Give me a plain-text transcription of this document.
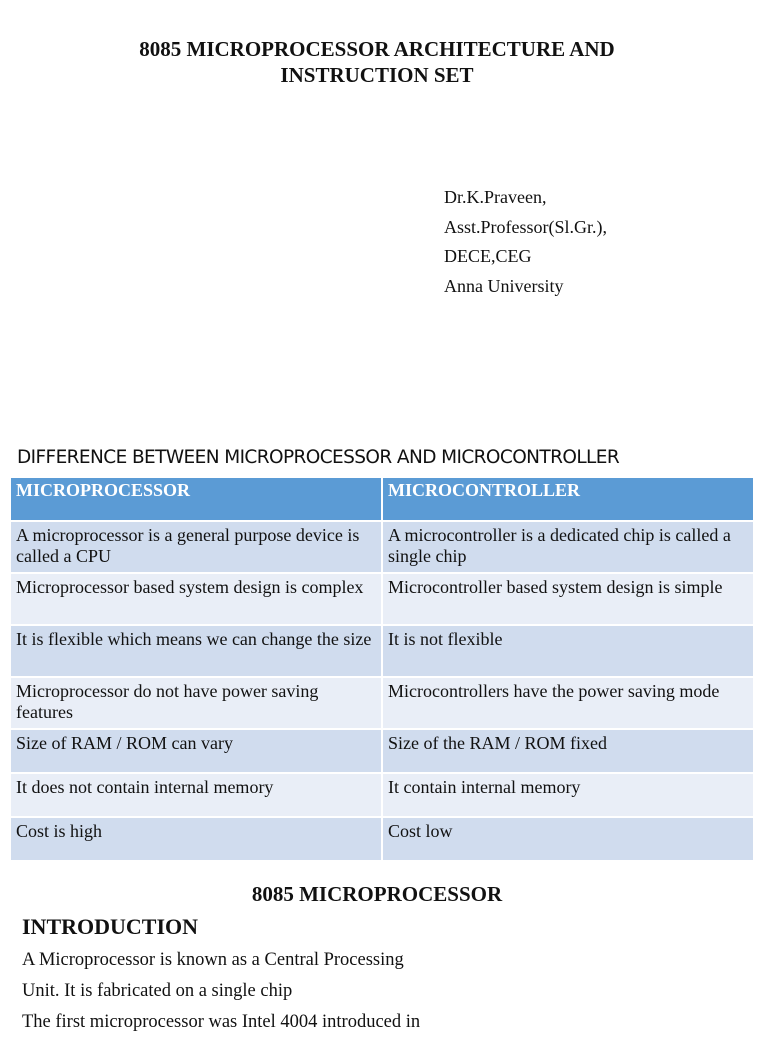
8085 MICROPROCESSOR ARCHITECTURE AND
INSTRUCTION SET
Dr.K.Praveen,
Asst.Professor(Sl.Gr.),
DECE,CEG
Anna University
DIFFERENCE BETWEEN MICROPROCESSOR AND MICROCONTROLLER
MICROPROCESSOR	MICROCONTROLLER
A microprocessor is a general purpose device is called a CPU	A microcontroller is a dedicated chip is called a single chip
Microprocessor based system design is complex	Microcontroller based system design is simple
It is flexible which means we can change the size	It is not flexible
Microprocessor do not have power saving features	Microcontrollers have the power saving mode
Size of RAM / ROM can vary	Size of the RAM / ROM fixed
It does not contain internal memory	It contain internal memory
Cost is high	Cost low
8085 MICROPROCESSOR
INTRODUCTION
A Microprocessor is known as a Central Processing
Unit. It is fabricated on a single chip
The first microprocessor was Intel 4004 introduced in
